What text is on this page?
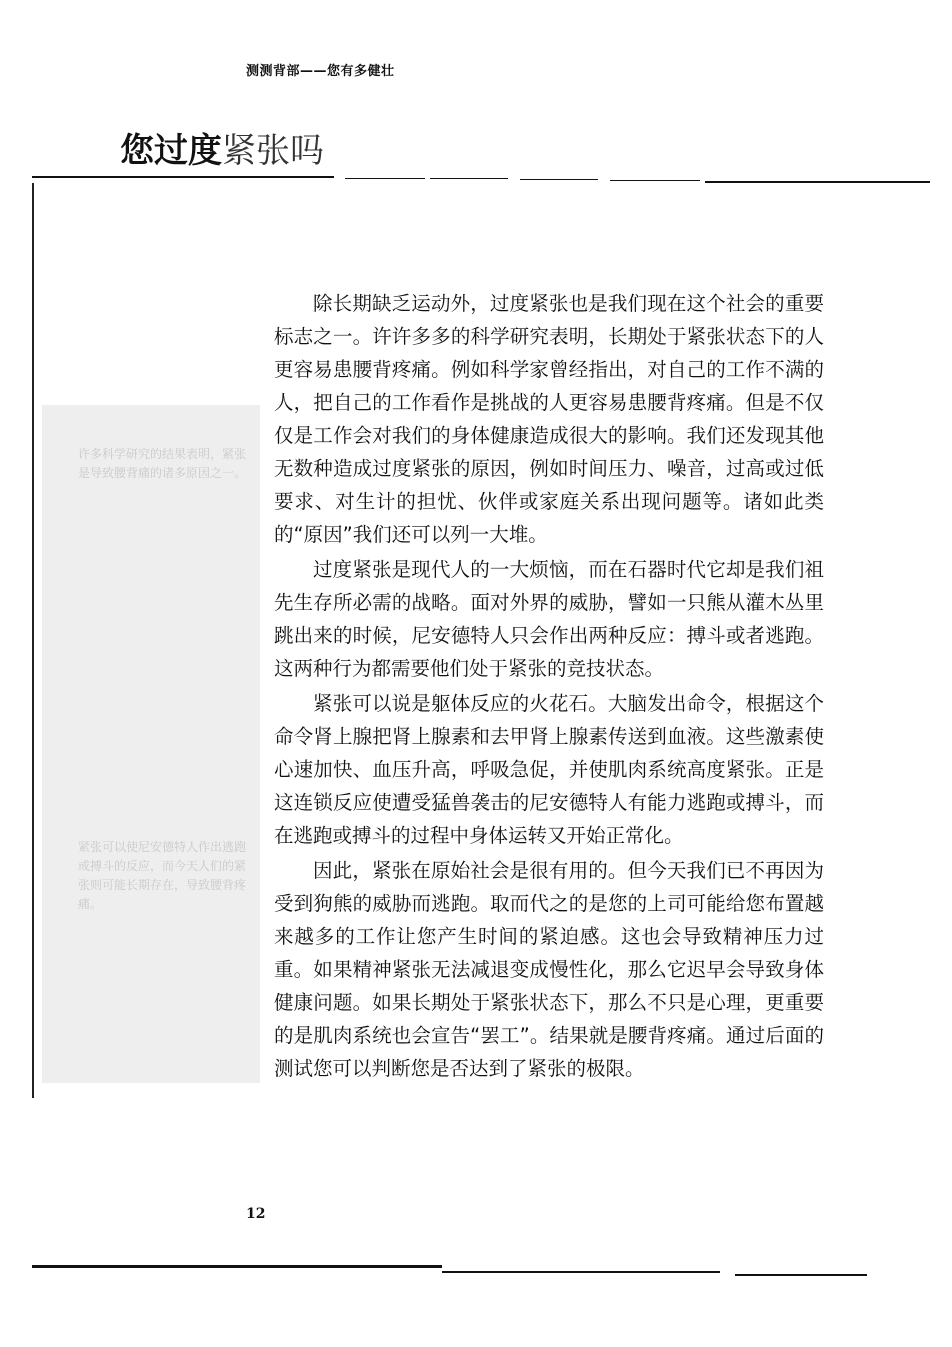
测测背部——您有多健壮
您过度紧张吗
许多科学研究的结果表明，紧张是导致腰背痛的诸多原因之一。
紧张可以使尼安德特人作出逃跑或搏斗的反应，而今天人们的紧张则可能长期存在，导致腰背疼痛。

除长期缺乏运动外，过度紧张也是我们现在这个社会的重要标志之一。许许多多的科学研究表明，长期处于紧张状态下的人更容易患腰背疼痛。例如科学家曾经指出，对自己的工作不满的人，把自己的工作看作是挑战的人更容易患腰背疼痛。但是不仅仅是工作会对我们的身体健康造成很大的影响。我们还发现其他无数种造成过度紧张的原因，例如时间压力、噪音，过高或过低要求、对生计的担忧、伙伴或家庭关系出现问题等。诸如此类的“原因”我们还可以列一大堆。

过度紧张是现代人的一大烦恼，而在石器时代它却是我们祖先生存所必需的战略。面对外界的威胁，譬如一只熊从灌木丛里跳出来的时候，尼安德特人只会作出两种反应：搏斗或者逃跑。这两种行为都需要他们处于紧张的竞技状态。

紧张可以说是躯体反应的火花石。大脑发出命令，根据这个命令肾上腺把肾上腺素和去甲肾上腺素传送到血液。这些激素使心速加快、血压升高，呼吸急促，并使肌肉系统高度紧张。正是这连锁反应使遭受猛兽袭击的尼安德特人有能力逃跑或搏斗，而在逃跑或搏斗的过程中身体运转又开始正常化。

因此，紧张在原始社会是很有用的。但今天我们已不再因为受到狗熊的威胁而逃跑。取而代之的是您的上司可能给您布置越来越多的工作让您产生时间的紧迫感。这也会导致精神压力过重。如果精神紧张无法减退变成慢性化，那么它迟早会导致身体健康问题。如果长期处于紧张状态下，那么不只是心理，更重要的是肌肉系统也会宣告“罢工”。结果就是腰背疼痛。通过后面的测试您可以判断您是否达到了紧张的极限。

12
